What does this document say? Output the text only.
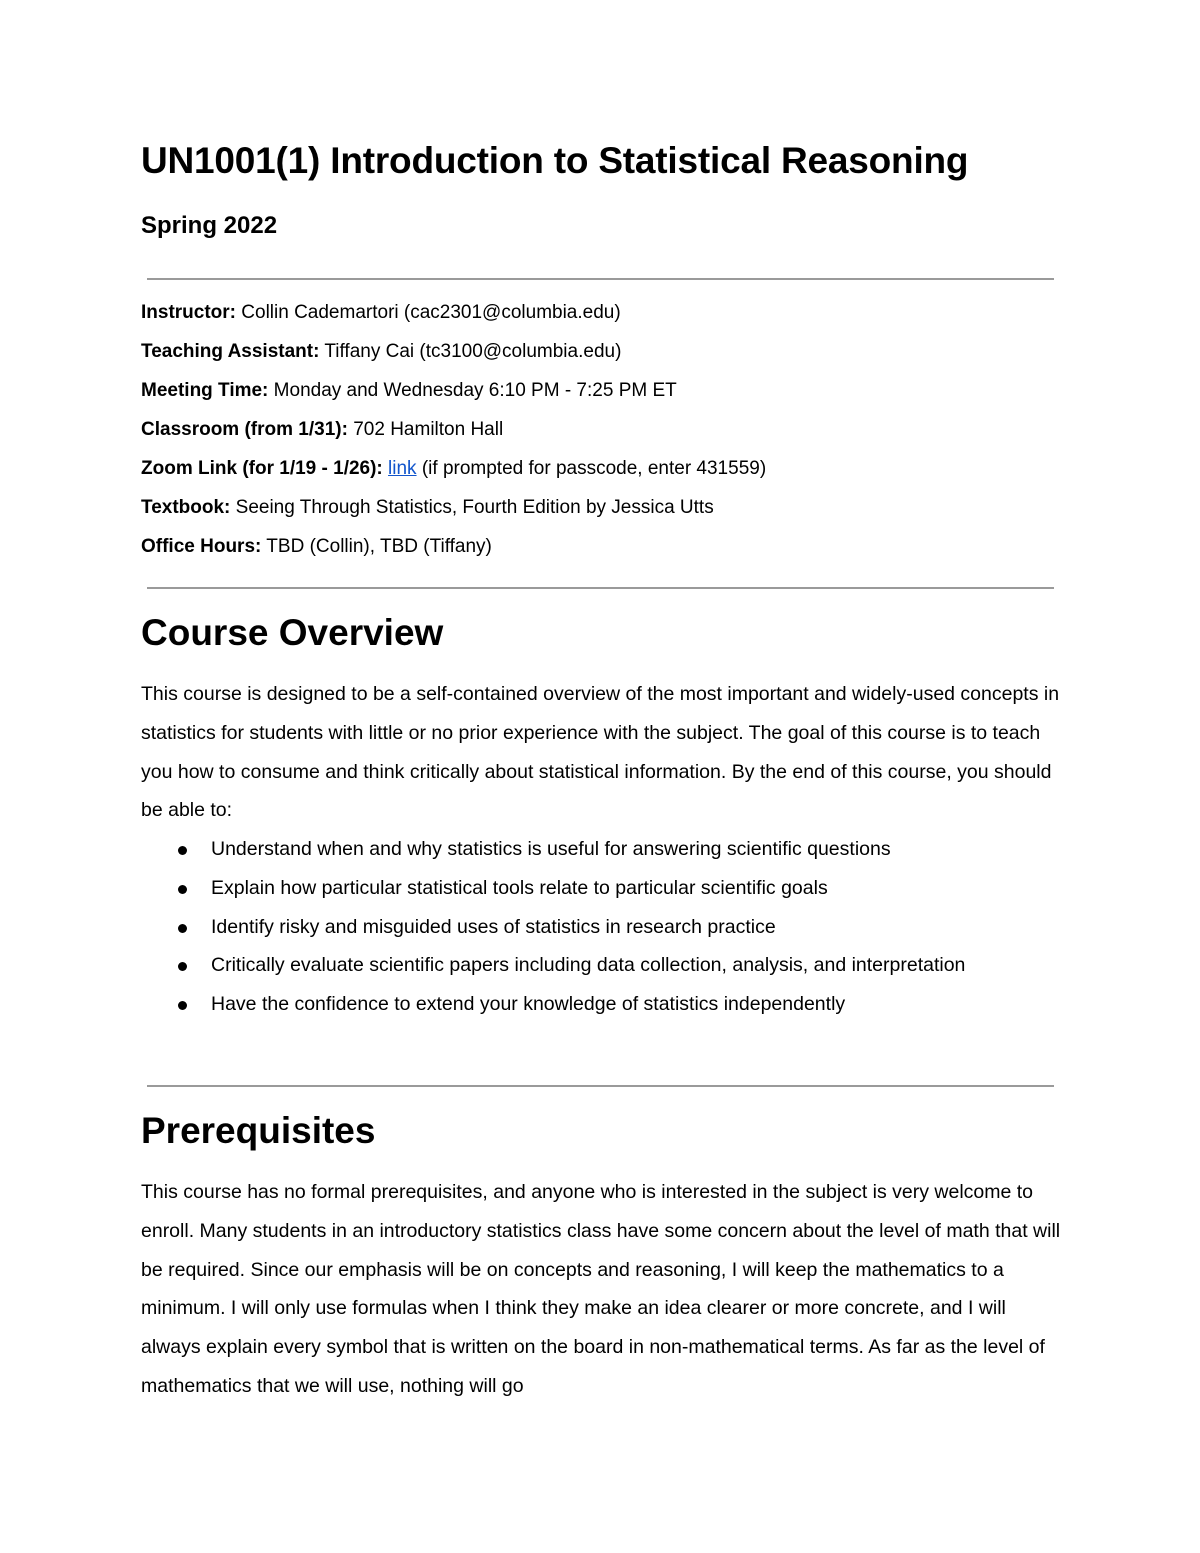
UN1001(1) Introduction to Statistical Reasoning
Spring 2022
Instructor: Collin Cademartori (cac2301@columbia.edu)
Teaching Assistant: Tiffany Cai (tc3100@columbia.edu)
Meeting Time: Monday and Wednesday 6:10 PM - 7:25 PM ET
Classroom (from 1/31): 702 Hamilton Hall
Zoom Link (for 1/19 - 1/26): link (if prompted for passcode, enter 431559)
Textbook: Seeing Through Statistics, Fourth Edition by Jessica Utts
Office Hours: TBD (Collin), TBD (Tiffany)
Course Overview

This course is designed to be a self-contained overview of the most important and widely-used concepts in statistics for students with little or no prior experience with the subject. The goal of this course is to teach you how to consume and think critically about statistical information. By the end of this course, you should be able to:

Understand when and why statistics is useful for answering scientific questions
Explain how particular statistical tools relate to particular scientific goals
Identify risky and misguided uses of statistics in research practice
Critically evaluate scientific papers including data collection, analysis, and interpretation
Have the confidence to extend your knowledge of statistics independently
Prerequisites

This course has no formal prerequisites, and anyone who is interested in the subject is very welcome to enroll. Many students in an introductory statistics class have some concern about the level of math that will be required. Since our emphasis will be on concepts and reasoning, I will keep the mathematics to a minimum. I will only use formulas when I think they make an idea clearer or more concrete, and I will always explain every symbol that is written on the board in non-mathematical terms. As far as the level of mathematics that we will use, nothing will go
